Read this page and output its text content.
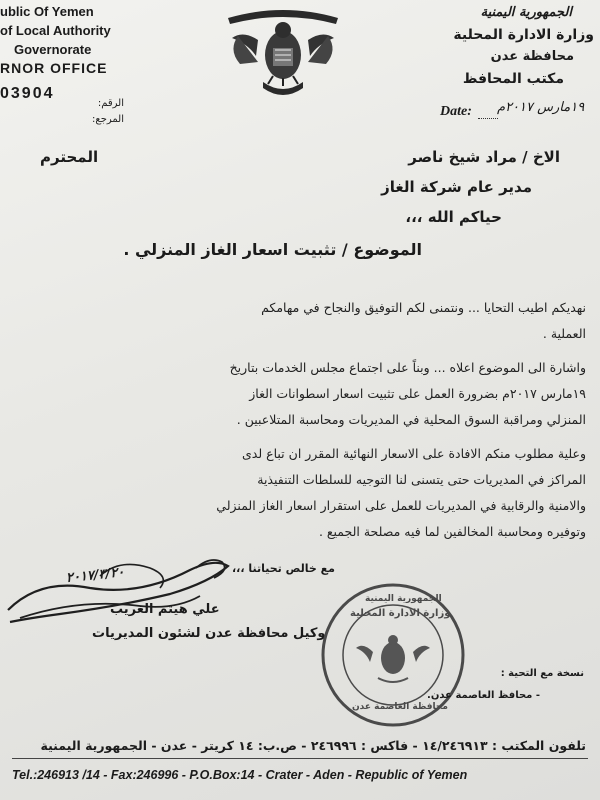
ublic Of Yemen
of Local Authority
Governorate
RNOR OFFICE
03904
الرقم:
المرجع:
الجمهورية اليمنية
وزارة الادارة المحلية
محافظة عدن
مكتب المحافظ
Date: ١٩مارس ٢٠١٧م
الاخ / مراد شيخ ناصر
المحترم
مدير عام شركة الغاز
حياكم الله ،،،
الموضوع / تثبيت اسعار الغاز المنزلي .
نهديكم اطيب التحايا ... ونتمنى لكم التوفيق والنجاح في مهامكم
العملية .
واشارة الى الموضوع اعلاه ... وبناً على اجتماع مجلس الخدمات بتاريخ
١٩مارس ٢٠١٧م بضرورة العمل على تثبيت اسعار اسطوانات الغاز
المنزلي ومراقبة السوق المحلية في المديريات ومحاسبة المتلاعبين .
وعلية مطلوب منكم الافادة على الاسعار النهائية المقرر ان تباع لدى
المراكز في المديريات حتى يتسنى لنا التوجيه للسلطات التنفيذية
والامنية والرقابية في المديريات للعمل على استقرار اسعار الغاز المنزلي
وتوفيره ومحاسبة المخالفين لما فيه مصلحة الجميع .
مع خالص تحياتنا ،،،
٢٠١٧/٣/٢٠
علي هيثم الغريب
وكيل محافظة عدن لشئون المديريات
الجمهورية اليمنية
وزارة الادارة المحلية
محافظة العاصمة عدن
نسخة مع التحية :
- محافظ العاصمة عدن.
تلفون المكتب : ١٤/٢٤٦٩١٣ - فاكس : ٢٤٦٩٩٦ - ص.ب: ١٤ كريتر - عدن - الجمهورية اليمنية
Tel.:246913 /14 - Fax:246996 - P.O.Box:14 - Crater - Aden - Republic of Yemen
